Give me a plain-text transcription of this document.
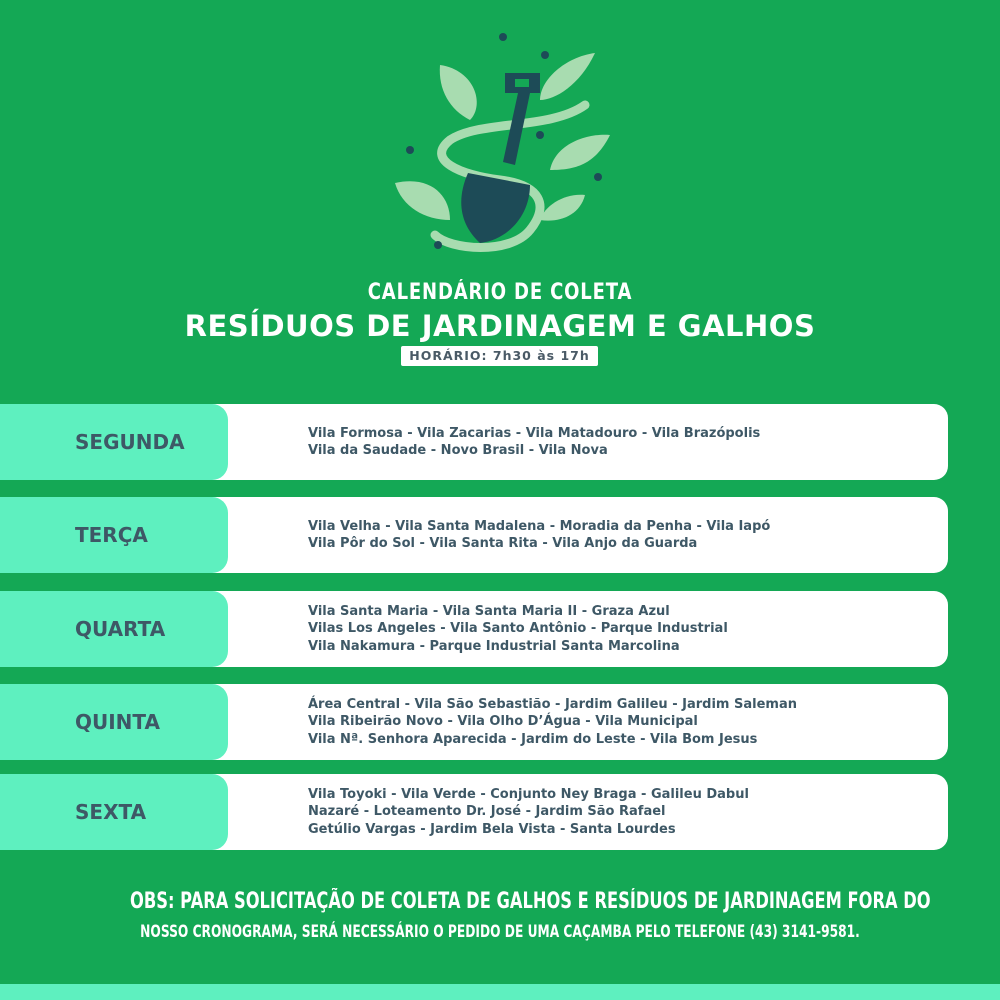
CALENDÁRIO DE COLETA
RESÍDUOS DE JARDINAGEM E GALHOS
HORÁRIO: 7h30 às 17h
SEGUNDA	Vila Formosa - Vila Zacarias - Vila Matadouro - Vila Brazópolis
Vila da Saudade - Novo Brasil - Vila Nova
TERÇA	Vila Velha - Vila Santa Madalena - Moradia da Penha - Vila Iapó
Vila Pôr do Sol - Vila Santa Rita - Vila Anjo da Guarda
QUARTA
Vila Santa Maria - Vila Santa Maria II - Graza Azul
Vilas Los Angeles - Vila Santo Antônio - Parque Industrial
Vila Nakamura - Parque Industrial Santa Marcolina
QUINTA
Área Central - Vila São Sebastião - Jardim Galileu - Jardim Saleman
Vila Ribeirão Novo - Vila Olho D’Água - Vila Municipal
Vila Nª. Senhora Aparecida - Jardim do Leste - Vila Bom Jesus
SEXTA
Vila Toyoki - Vila Verde - Conjunto Ney Braga - Galileu Dabul
Nazaré - Loteamento Dr. José - Jardim São Rafael
Getúlio Vargas - Jardim Bela Vista - Santa Lourdes
OBS: PARA SOLICITAÇÃO DE COLETA DE GALHOS E RESÍDUOS DE JARDINAGEM FORA DO
NOSSO CRONOGRAMA, SERÁ NECESSÁRIO O PEDIDO DE UMA CAÇAMBA PELO TELEFONE (43) 3141-9581.
